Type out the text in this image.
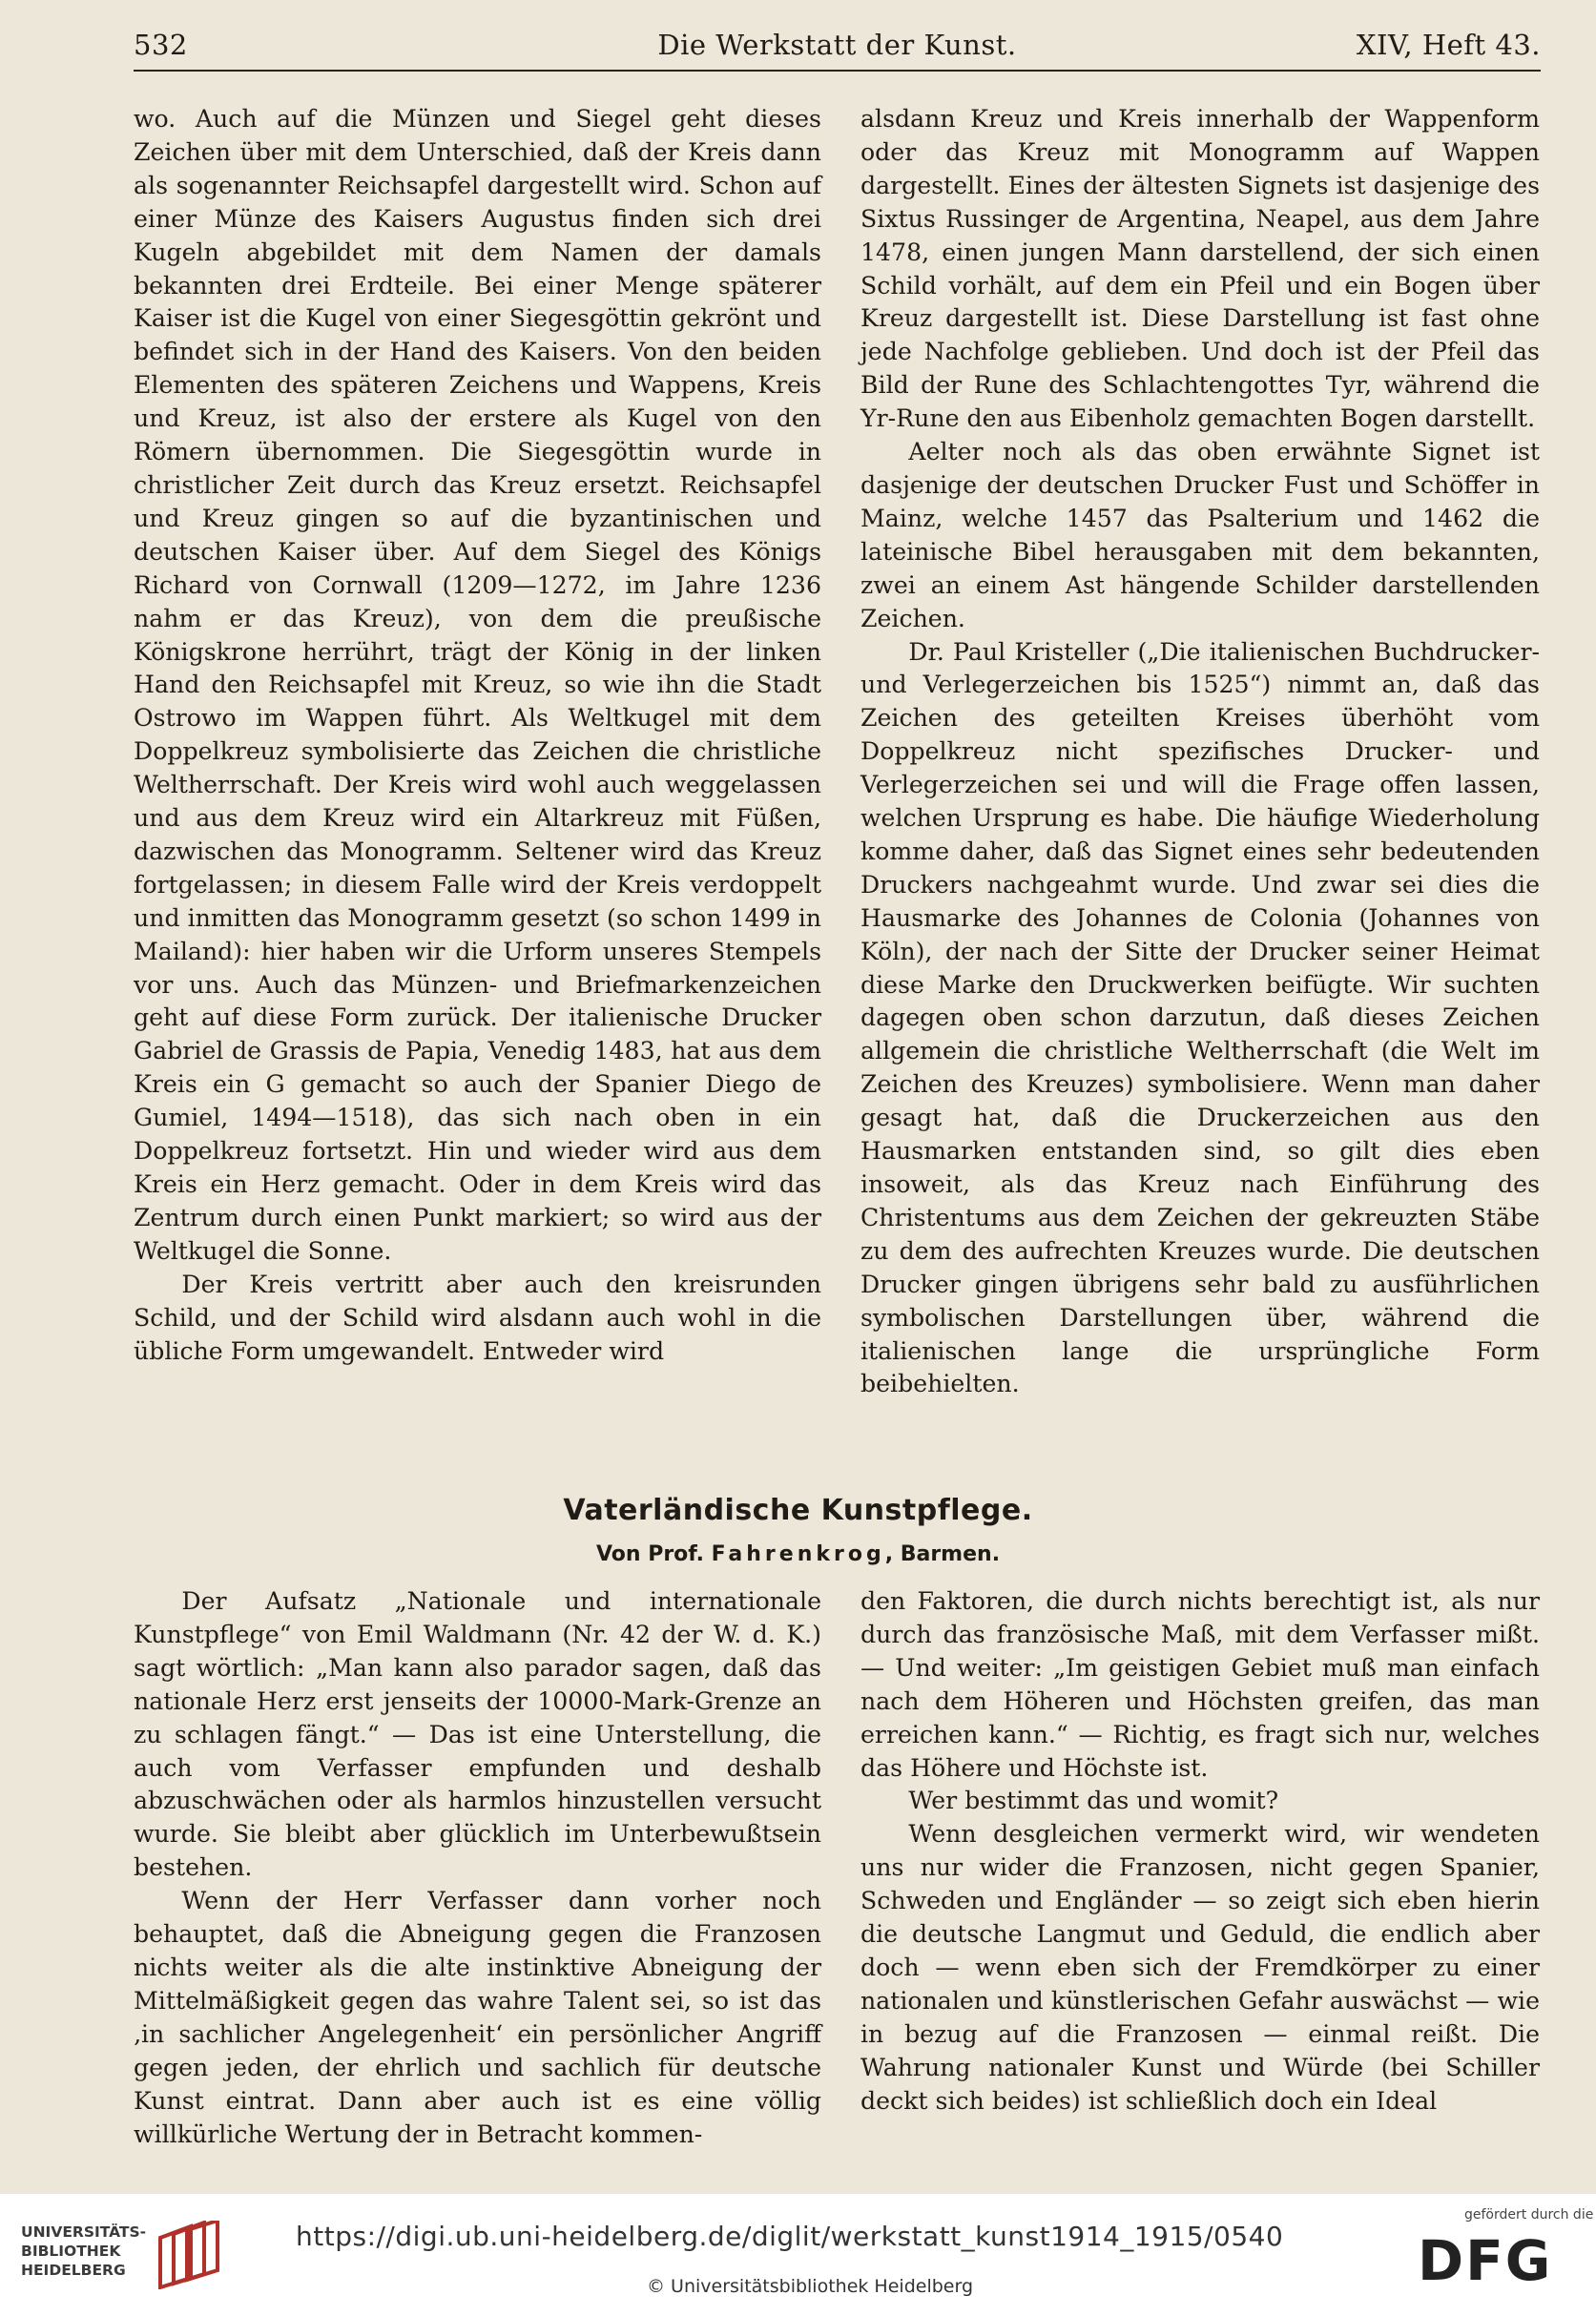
532	Die Werkstatt der Kunst.	XIV, Heft 43.

wo. Auch auf die Münzen und Siegel geht dieses Zeichen über mit dem Unterschied, daß der Kreis dann als sogenannter Reichsapfel dargestellt wird. Schon auf einer Münze des Kaisers Augustus finden sich drei Kugeln abgebildet mit dem Namen der damals bekannten drei Erdteile. Bei einer Menge späterer Kaiser ist die Kugel von einer Siegesgöttin gekrönt und befindet sich in der Hand des Kaisers. Von den beiden Elementen des späteren Zeichens und Wappens, Kreis und Kreuz, ist also der erstere als Kugel von den Römern übernommen. Die Siegesgöttin wurde in christlicher Zeit durch das Kreuz ersetzt. Reichsapfel und Kreuz gingen so auf die byzantinischen und deutschen Kaiser über. Auf dem Siegel des Königs Richard von Cornwall (1209—1272, im Jahre 1236 nahm er das Kreuz), von dem die preußische Königskrone herrührt, trägt der König in der linken Hand den Reichsapfel mit Kreuz, so wie ihn die Stadt Ostrowo im Wappen führt. Als Weltkugel mit dem Doppelkreuz symbolisierte das Zeichen die christliche Weltherrschaft. Der Kreis wird wohl auch weggelassen und aus dem Kreuz wird ein Altarkreuz mit Füßen, dazwischen das Monogramm. Seltener wird das Kreuz fortgelassen; in diesem Falle wird der Kreis verdoppelt und inmitten das Monogramm gesetzt (so schon 1499 in Mailand): hier haben wir die Urform unseres Stempels vor uns. Auch das Münzen- und Briefmarkenzeichen geht auf diese Form zurück. Der italienische Drucker Gabriel de Grassis de Papia, Venedig 1483, hat aus dem Kreis ein G gemacht so auch der Spanier Diego de Gumiel, 1494—1518), das sich nach oben in ein Doppelkreuz fortsetzt. Hin und wieder wird aus dem Kreis ein Herz gemacht. Oder in dem Kreis wird das Zentrum durch einen Punkt markiert; so wird aus der Weltkugel die Sonne.

Der Kreis vertritt aber auch den kreisrunden Schild, und der Schild wird alsdann auch wohl in die übliche Form umgewandelt. Entweder wird

alsdann Kreuz und Kreis innerhalb der Wappenform oder das Kreuz mit Monogramm auf Wappen dargestellt. Eines der ältesten Signets ist dasjenige des Sixtus Russinger de Argentina, Neapel, aus dem Jahre 1478, einen jungen Mann darstellend, der sich einen Schild vorhält, auf dem ein Pfeil und ein Bogen über Kreuz dargestellt ist. Diese Darstellung ist fast ohne jede Nachfolge geblieben. Und doch ist der Pfeil das Bild der Rune des Schlachtengottes Tyr, während die Yr-Rune den aus Eibenholz gemachten Bogen darstellt.

Aelter noch als das oben erwähnte Signet ist dasjenige der deutschen Drucker Fust und Schöffer in Mainz, welche 1457 das Psalterium und 1462 die lateinische Bibel herausgaben mit dem bekannten, zwei an einem Ast hängende Schilder darstellenden Zeichen.

Dr. Paul Kristeller („Die italienischen Buchdrucker- und Verlegerzeichen bis 1525“) nimmt an, daß das Zeichen des geteilten Kreises überhöht vom Doppelkreuz nicht spezifisches Drucker- und Verlegerzeichen sei und will die Frage offen lassen, welchen Ursprung es habe. Die häufige Wiederholung komme daher, daß das Signet eines sehr bedeutenden Druckers nachgeahmt wurde. Und zwar sei dies die Hausmarke des Johannes de Colonia (Johannes von Köln), der nach der Sitte der Drucker seiner Heimat diese Marke den Druckwerken beifügte. Wir suchten dagegen oben schon darzutun, daß dieses Zeichen allgemein die christliche Weltherrschaft (die Welt im Zeichen des Kreuzes) symbolisiere. Wenn man daher gesagt hat, daß die Druckerzeichen aus den Hausmarken entstanden sind, so gilt dies eben insoweit, als das Kreuz nach Einführung des Christentums aus dem Zeichen der gekreuzten Stäbe zu dem des aufrechten Kreuzes wurde. Die deutschen Drucker gingen übrigens sehr bald zu ausführlichen symbolischen Darstellungen über, während die italienischen lange die ursprüngliche Form beibehielten.

Vaterländische Kunstpflege.
Von Prof. Fahrenkrog, Barmen.

Der Aufsatz „Nationale und internationale Kunstpflege“ von Emil Waldmann (Nr. 42 der W. d. K.) sagt wörtlich: „Man kann also parador sagen, daß das nationale Herz erst jenseits der 10000-Mark-Grenze an zu schlagen fängt.“ — Das ist eine Unterstellung, die auch vom Verfasser empfunden und deshalb abzuschwächen oder als harmlos hinzustellen versucht wurde. Sie bleibt aber glücklich im Unterbewußtsein bestehen.

Wenn der Herr Verfasser dann vorher noch behauptet, daß die Abneigung gegen die Franzosen nichts weiter als die alte instinktive Abneigung der Mittelmäßigkeit gegen das wahre Talent sei, so ist das ‚in sachlicher Angelegenheit‘ ein persönlicher Angriff gegen jeden, der ehrlich und sachlich für deutsche Kunst eintrat. Dann aber auch ist es eine völlig willkürliche Wertung der in Betracht kommen-

den Faktoren, die durch nichts berechtigt ist, als nur durch das französische Maß, mit dem Verfasser mißt. — Und weiter: „Im geistigen Gebiet muß man einfach nach dem Höheren und Höchsten greifen, das man erreichen kann.“ — Richtig, es fragt sich nur, welches das Höhere und Höchste ist.

Wer bestimmt das und womit?

Wenn desgleichen vermerkt wird, wir wendeten uns nur wider die Franzosen, nicht gegen Spanier, Schweden und Engländer — so zeigt sich eben hierin die deutsche Langmut und Geduld, die endlich aber doch — wenn eben sich der Fremdkörper zu einer nationalen und künstlerischen Gefahr auswächst — wie in bezug auf die Franzosen — einmal reißt. Die Wahrung nationaler Kunst und Würde (bei Schiller deckt sich beides) ist schließlich doch ein Ideal

UNIVERSITÄTS-
BIBLIOTHEK
HEIDELBERG
https://digi.ub.uni-heidelberg.de/diglit/werkstatt_kunst1914_1915/0540
© Universitätsbibliothek Heidelberg
gefördert durch die
DFG
